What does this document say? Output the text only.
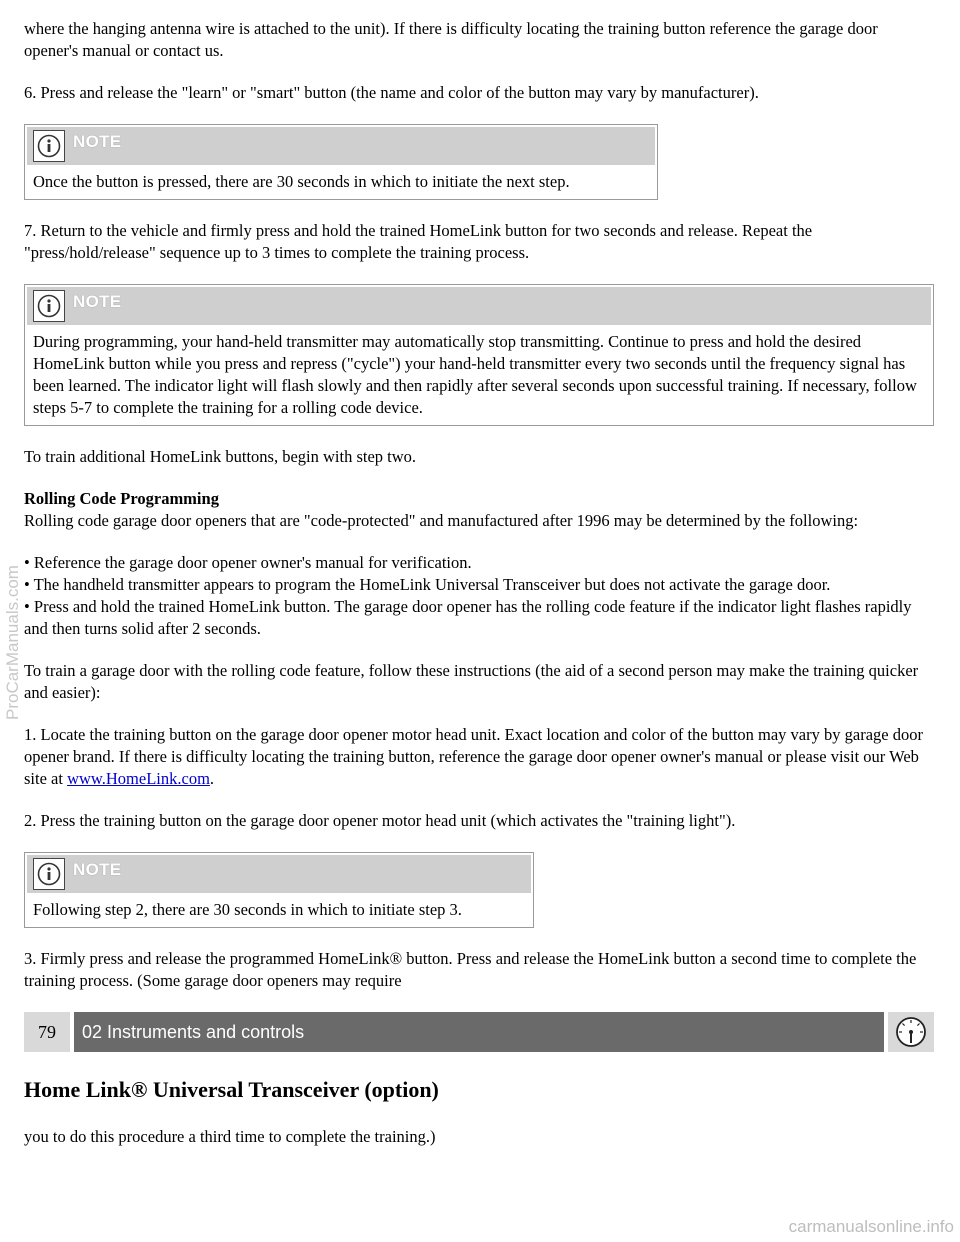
where the hanging antenna wire is attached to the unit). If there is difficulty locating the training button reference the garage door opener's manual or contact us.

6. Press and release the "learn" or "smart" button (the name and color of the button may vary by manufacturer).

NOTE
Once the button is pressed, there are 30 seconds in which to initiate the next step.

7. Return to the vehicle and firmly press and hold the trained HomeLink button for two seconds and release. Repeat the "press/hold/release" sequence up to 3 times to complete the training process.

NOTE
During programming, your hand-held transmitter may automatically stop transmitting. Continue to press and hold the desired HomeLink button while you press and repress ("cycle") your hand-held transmitter every two seconds until the frequency signal has been learned. The indicator light will flash slowly and then rapidly after several seconds upon successful training. If necessary, follow steps 5-7 to complete the training for a rolling code device.

To train additional HomeLink buttons, begin with step two.

Rolling Code Programming
Rolling code garage door openers that are "code-protected" and manufactured after 1996 may be determined by the following:

• Reference the garage door opener owner's manual for verification.
• The handheld transmitter appears to program the HomeLink Universal Transceiver but does not activate the garage door.
• Press and hold the trained HomeLink button. The garage door opener has the rolling code feature if the indicator light flashes rapidly and then turns solid after 2 seconds.

To train a garage door with the rolling code feature, follow these instructions (the aid of a second person may make the training quicker and easier):

1. Locate the training button on the garage door opener motor head unit. Exact location and color of the button may vary by garage door opener brand. If there is difficulty locating the training button, reference the garage door opener owner's manual or please visit our Web site at www.HomeLink.com.

2. Press the training button on the garage door opener motor head unit (which activates the "training light").

NOTE
Following step 2, there are 30 seconds in which to initiate step 3.

3. Firmly press and release the programmed HomeLink® button. Press and release the HomeLink button a second time to complete the training process. (Some garage door openers may require

79	02 Instruments and controls
Home Link® Universal Transceiver (option)

you to do this procedure a third time to complete the training.)

ProCarManuals.com
carmanualsonline.info
